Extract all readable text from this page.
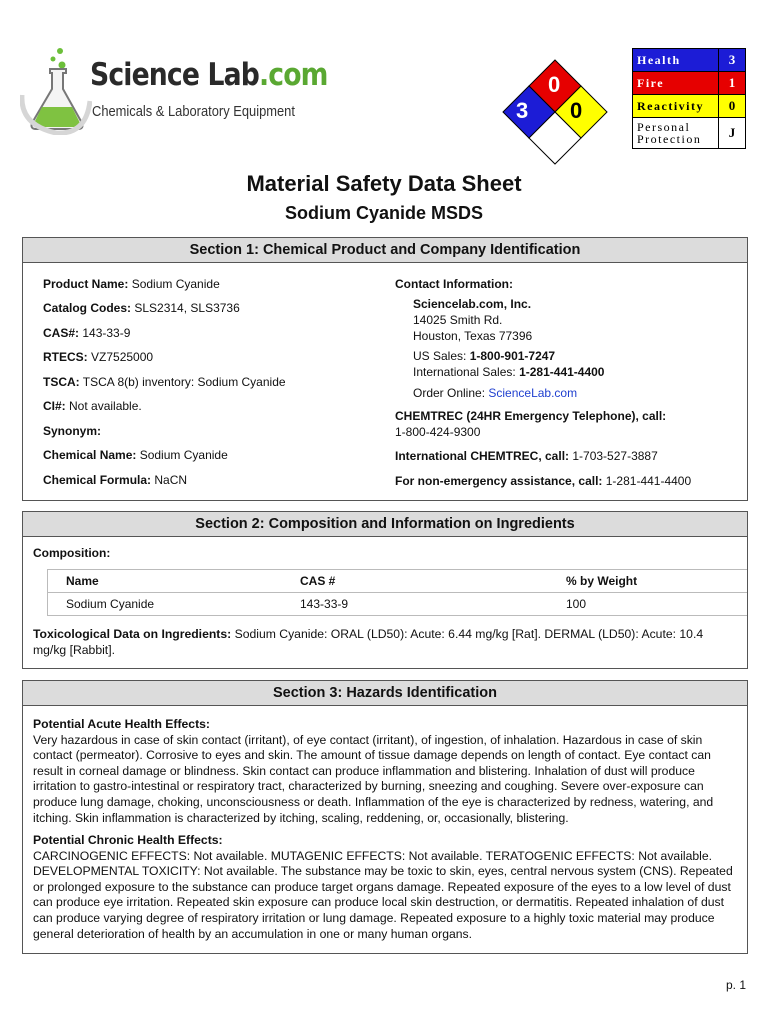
Science Lab.com
Chemicals & Laboratory Equipment
0
3 0
Health	3
Fire	1
Reactivity	0
Personal Protection	J
Material Safety Data Sheet
Sodium Cyanide MSDS
Section 1: Chemical Product and Company Identification
Product Name: Sodium Cyanide
Catalog Codes: SLS2314, SLS3736
CAS#: 143-33-9
RTECS: VZ7525000
TSCA: TSCA 8(b) inventory: Sodium Cyanide
CI#: Not available.
Synonym:
Chemical Name: Sodium Cyanide
Chemical Formula: NaCN
Contact Information:
Sciencelab.com, Inc.
14025 Smith Rd.
Houston, Texas 77396
US Sales: 1-800-901-7247
International Sales: 1-281-441-4400
Order Online: ScienceLab.com
CHEMTREC (24HR Emergency Telephone), call:
1-800-424-9300
International CHEMTREC, call: 1-703-527-3887
For non-emergency assistance, call: 1-281-441-4400
Section 2: Composition and Information on Ingredients
Composition:
Name	CAS #	% by Weight
Sodium Cyanide	143-33-9	100
Toxicological Data on Ingredients: Sodium Cyanide: ORAL (LD50): Acute: 6.44 mg/kg [Rat]. DERMAL (LD50): Acute: 10.4 mg/kg [Rabbit].
Section 3: Hazards Identification
Potential Acute Health Effects:
Very hazardous in case of skin contact (irritant), of eye contact (irritant), of ingestion, of inhalation. Hazardous in case of skin contact (permeator). Corrosive to eyes and skin. The amount of tissue damage depends on length of contact. Eye contact can result in corneal damage or blindness. Skin contact can produce inflammation and blistering. Inhalation of dust will produce irritation to gastro-intestinal or respiratory tract, characterized by burning, sneezing and coughing. Severe over-exposure can produce lung damage, choking, unconsciousness or death. Inflammation of the eye is characterized by redness, watering, and itching. Skin inflammation is characterized by itching, scaling, reddening, or, occasionally, blistering.
Potential Chronic Health Effects:
CARCINOGENIC EFFECTS: Not available. MUTAGENIC EFFECTS: Not available. TERATOGENIC EFFECTS: Not available. DEVELOPMENTAL TOXICITY: Not available. The substance may be toxic to skin, eyes, central nervous system (CNS). Repeated or prolonged exposure to the substance can produce target organs damage. Repeated exposure of the eyes to a low level of dust can produce eye irritation. Repeated skin exposure can produce local skin destruction, or dermatitis. Repeated inhalation of dust can produce varying degree of respiratory irritation or lung damage. Repeated exposure to a highly toxic material may produce general deterioration of health by an accumulation in one or many human organs.
p. 1
